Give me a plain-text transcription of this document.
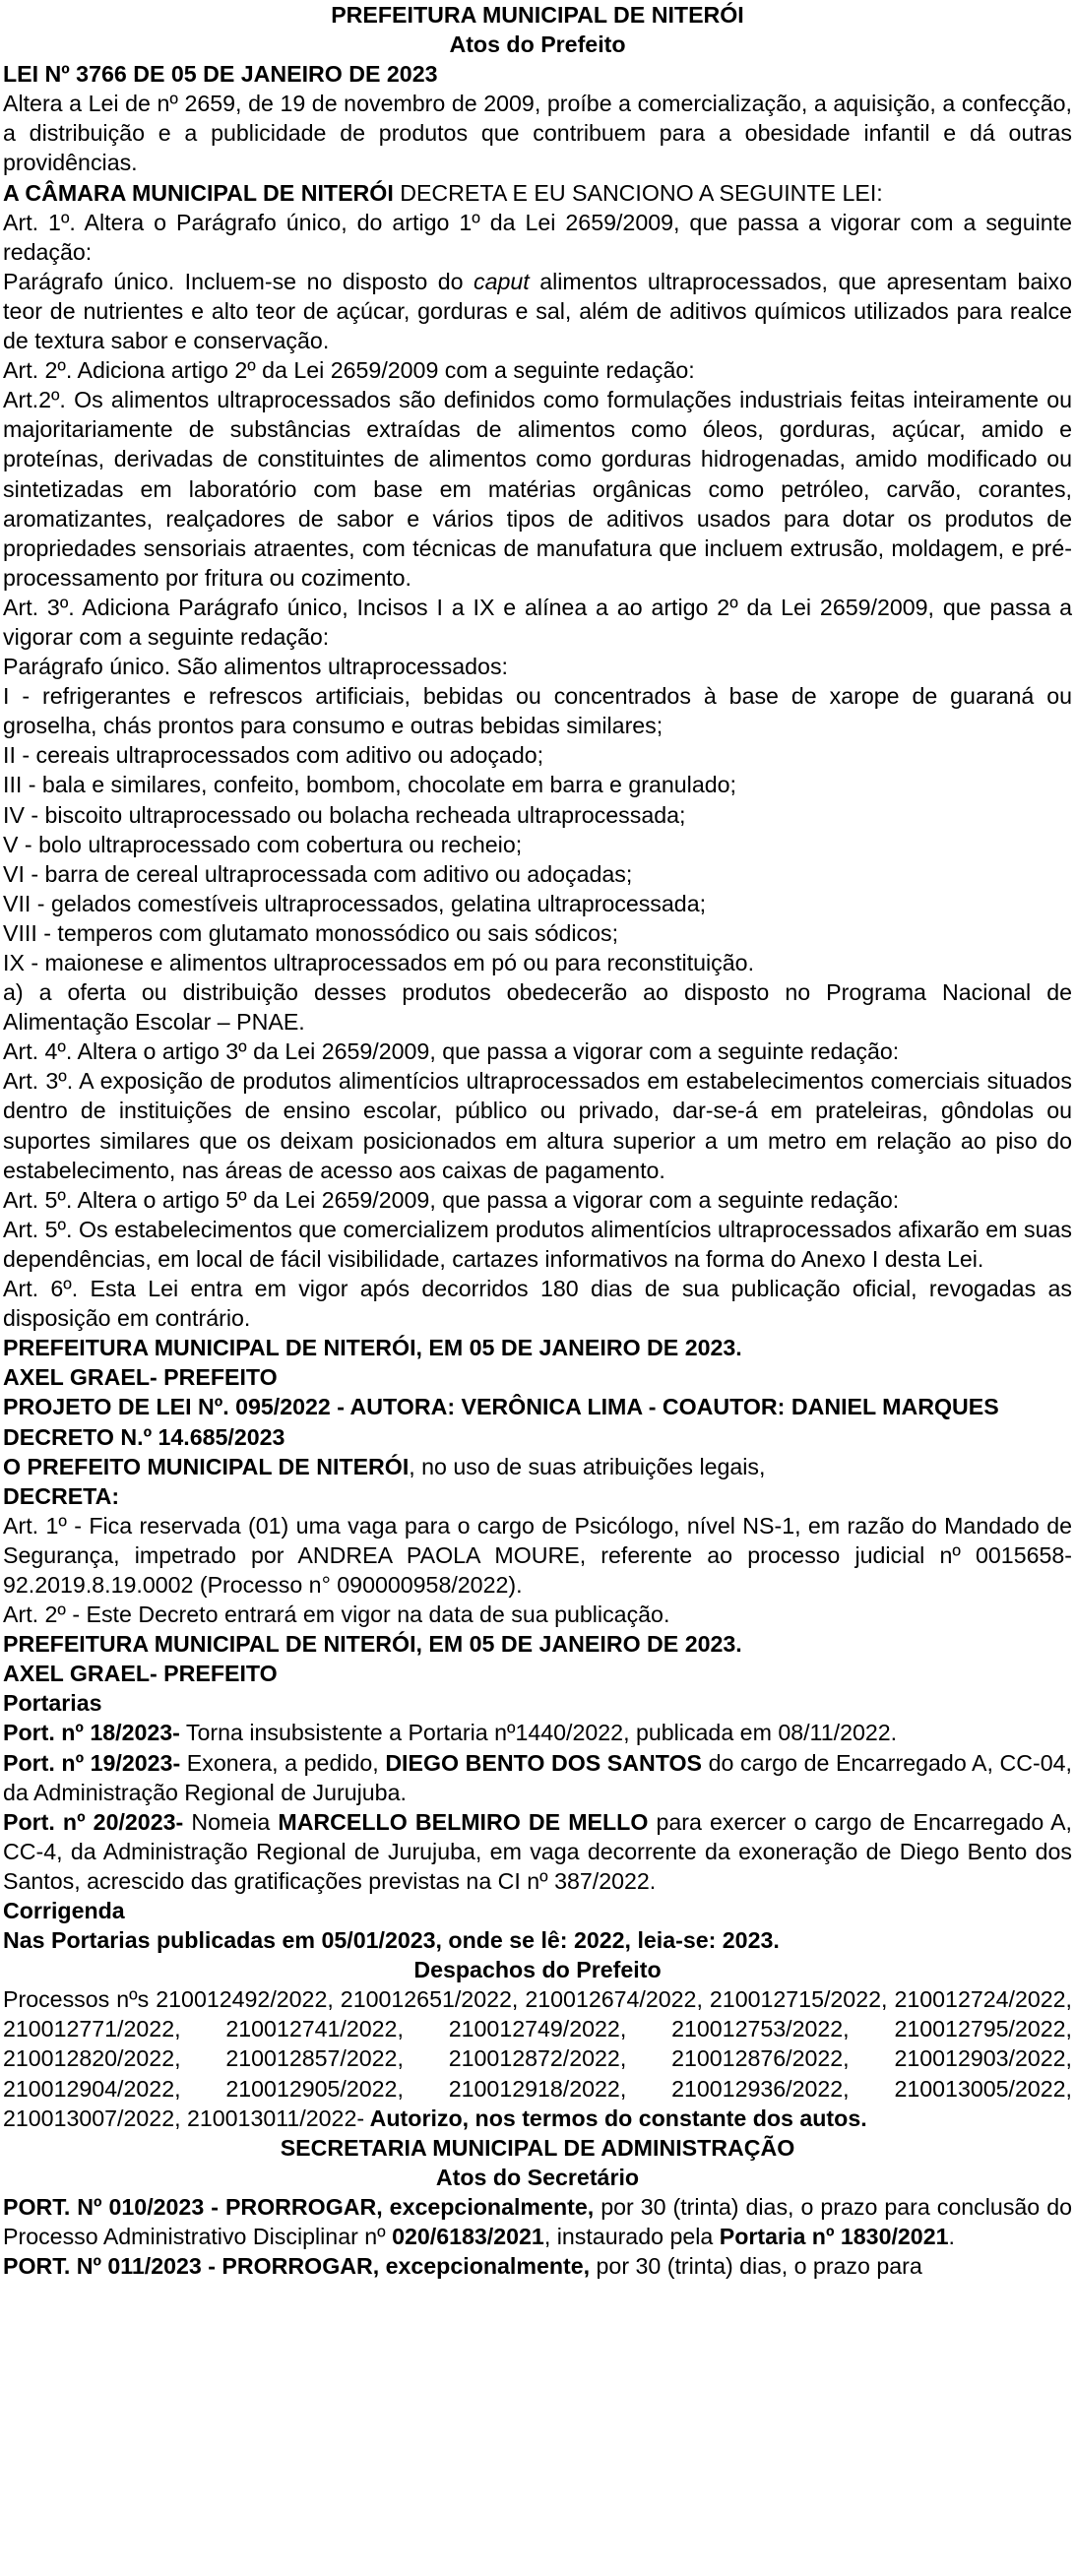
PREFEITURA MUNICIPAL DE NITERÓI

Atos do Prefeito

LEI Nº 3766 DE 05 DE JANEIRO DE 2023

Altera a Lei de nº 2659, de 19 de novembro de 2009, proíbe a comercialização, a aquisição, a confecção, a distribuição e a publicidade de produtos que contribuem para a obesidade infantil e dá outras providências.

A CÂMARA MUNICIPAL DE NITERÓI DECRETA E EU SANCIONO A SEGUINTE LEI:

Art. 1º. Altera o Parágrafo único, do artigo 1º da Lei 2659/2009, que passa a vigorar com a seguinte redação:

Parágrafo único. Incluem-se no disposto do caput alimentos ultraprocessados, que apresentam baixo teor de nutrientes e alto teor de açúcar, gorduras e sal, além de aditivos químicos utilizados para realce de textura sabor e conservação.

Art. 2º. Adiciona artigo 2º da Lei 2659/2009 com a seguinte redação:

Art.2º. Os alimentos ultraprocessados são definidos como formulações industriais feitas inteiramente ou majoritariamente de substâncias extraídas de alimentos como óleos, gorduras, açúcar, amido e proteínas, derivadas de constituintes de alimentos como gorduras hidrogenadas, amido modificado ou sintetizadas em laboratório com base em matérias orgânicas como petróleo, carvão, corantes, aromatizantes, realçadores de sabor e vários tipos de aditivos usados para dotar os produtos de propriedades sensoriais atraentes, com técnicas de manufatura que incluem extrusão, moldagem, e pré-processamento por fritura ou cozimento.

Art. 3º. Adiciona Parágrafo único, Incisos I a IX e alínea a ao artigo 2º da Lei 2659/2009, que passa a vigorar com a seguinte redação:

Parágrafo único. São alimentos ultraprocessados:

I - refrigerantes e refrescos artificiais, bebidas ou concentrados à base de xarope de guaraná ou groselha, chás prontos para consumo e outras bebidas similares;

II - cereais ultraprocessados com aditivo ou adoçado;

III - bala e similares, confeito, bombom, chocolate em barra e granulado;

IV - biscoito ultraprocessado ou bolacha recheada ultraprocessada;

V - bolo ultraprocessado com cobertura ou recheio;

VI - barra de cereal ultraprocessada com aditivo ou adoçadas;

VII - gelados comestíveis ultraprocessados, gelatina ultraprocessada;

VIII - temperos com glutamato monossódico ou sais sódicos;

IX - maionese e alimentos ultraprocessados em pó ou para reconstituição.

a) a oferta ou distribuição desses produtos obedecerão ao disposto no Programa Nacional de Alimentação Escolar – PNAE.

Art. 4º. Altera o artigo 3º da Lei 2659/2009, que passa a vigorar com a seguinte redação:

Art. 3º. A exposição de produtos alimentícios ultraprocessados em estabelecimentos comerciais situados dentro de instituições de ensino escolar, público ou privado, dar-se-á em prateleiras, gôndolas ou suportes similares que os deixam posicionados em altura superior a um metro em relação ao piso do estabelecimento, nas áreas de acesso aos caixas de pagamento.

Art. 5º. Altera o artigo 5º da Lei 2659/2009, que passa a vigorar com a seguinte redação:

Art. 5º. Os estabelecimentos que comercializem produtos alimentícios ultraprocessados afixarão em suas dependências, em local de fácil visibilidade, cartazes informativos na forma do Anexo I desta Lei.

Art. 6º. Esta Lei entra em vigor após decorridos 180 dias de sua publicação oficial, revogadas as disposição em contrário.

PREFEITURA MUNICIPAL DE NITERÓI, EM 05 DE JANEIRO DE 2023.

AXEL GRAEL- PREFEITO

PROJETO DE LEI Nº. 095/2022 - AUTORA: VERÔNICA LIMA - COAUTOR: DANIEL MARQUES

DECRETO N.º 14.685/2023

O PREFEITO MUNICIPAL DE NITERÓI, no uso de suas atribuições legais,

DECRETA:

Art. 1º - Fica reservada (01) uma vaga para o cargo de Psicólogo, nível NS-1, em razão do Mandado de Segurança, impetrado por ANDREA PAOLA MOURE, referente ao processo judicial nº 0015658-92.2019.8.19.0002 (Processo n° 090000958/2022).

Art. 2º - Este Decreto entrará em vigor na data de sua publicação.

PREFEITURA MUNICIPAL DE NITERÓI, EM 05 DE JANEIRO DE 2023.

AXEL GRAEL- PREFEITO

Portarias

Port. nº 18/2023- Torna insubsistente a Portaria nº1440/2022, publicada em 08/11/2022.

Port. nº 19/2023- Exonera, a pedido, DIEGO BENTO DOS SANTOS do cargo de Encarregado A, CC-04, da Administração Regional de Jurujuba.

Port. nº 20/2023- Nomeia MARCELLO BELMIRO DE MELLO para exercer o cargo de Encarregado A, CC-4, da Administração Regional de Jurujuba, em vaga decorrente da exoneração de Diego Bento dos Santos, acrescido das gratificações previstas na CI nº 387/2022.

Corrigenda

Nas Portarias publicadas em 05/01/2023, onde se lê: 2022, leia-se: 2023.

Despachos do Prefeito

Processos nºs 210012492/2022, 210012651/2022, 210012674/2022, 210012715/2022, 210012724/2022, 210012771/2022, 210012741/2022, 210012749/2022, 210012753/2022, 210012795/2022, 210012820/2022, 210012857/2022, 210012872/2022, 210012876/2022, 210012903/2022, 210012904/2022, 210012905/2022, 210012918/2022, 210012936/2022, 210013005/2022, 210013007/2022, 210013011/2022- Autorizo, nos termos do constante dos autos.

SECRETARIA MUNICIPAL DE ADMINISTRAÇÃO

Atos do Secretário

PORT. Nº 010/2023 - PRORROGAR, excepcionalmente, por 30 (trinta) dias, o prazo para conclusão do Processo Administrativo Disciplinar nº 020/6183/2021, instaurado pela Portaria nº 1830/2021.

PORT. Nº 011/2023 - PRORROGAR, excepcionalmente, por 30 (trinta) dias, o prazo para
